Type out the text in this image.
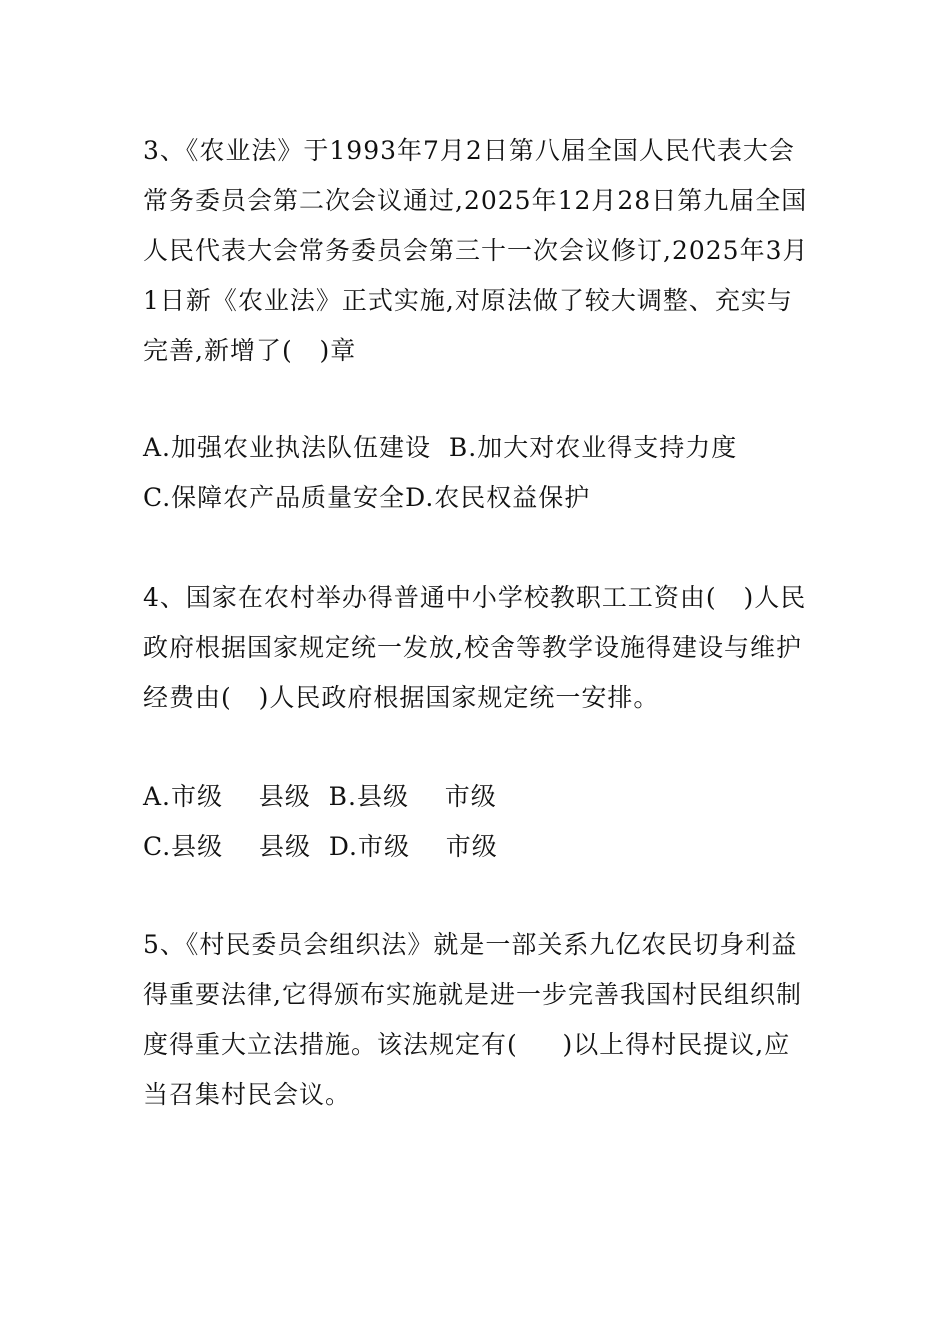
3、《农业法》于1993年7月2日第八届全国人民代表大会
常务委员会第二次会议通过,2025年12月28日第九届全国
人民代表大会常务委员会第三十一次会议修订,2025年3月
1日新《农业法》正式实施,对原法做了较大调整、充实与
完善,新增了(   )章
A.加强农业执法队伍建设  B.加大对农业得支持力度
C.保障农产品质量安全D.农民权益保护
4、国家在农村举办得普通中小学校教职工工资由(   )人民
政府根据国家规定统一发放,校舍等教学设施得建设与维护
经费由(   )人民政府根据国家规定统一安排。
A.市级    县级  B.县级    市级
C.县级    县级  D.市级    市级
5、《村民委员会组织法》就是一部关系九亿农民切身利益
得重要法律,它得颁布实施就是进一步完善我国村民组织制
度得重大立法措施。该法规定有(     )以上得村民提议,应
当召集村民会议。
